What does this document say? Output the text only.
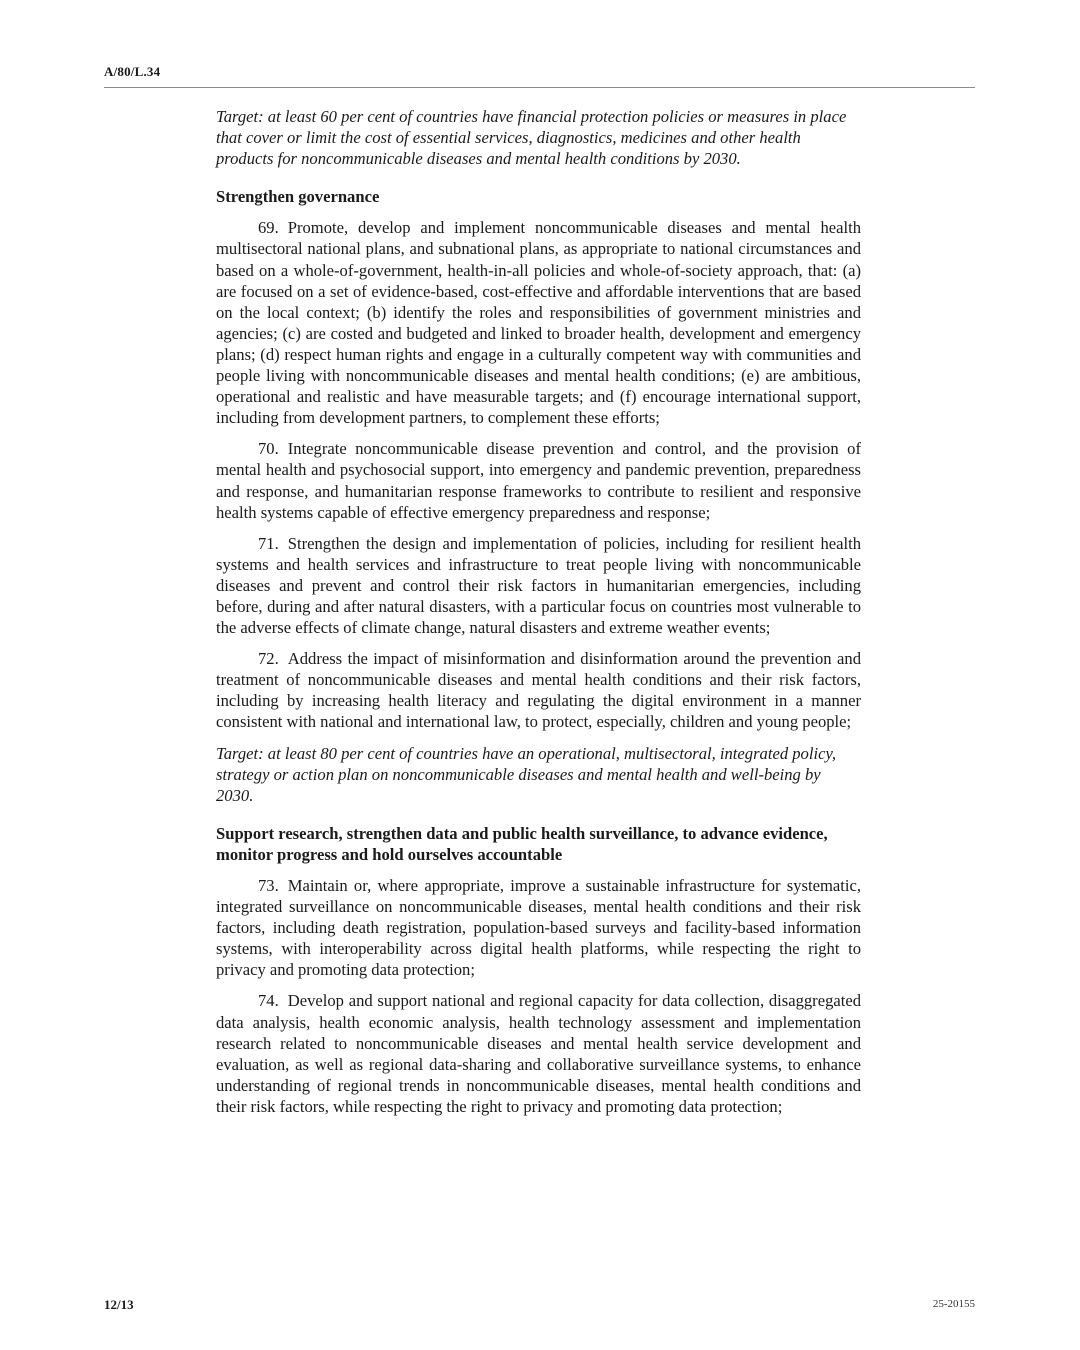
A/80/L.34

Target: at least 60 per cent of countries have financial protection policies or measures in place that cover or limit the cost of essential services, diagnostics, medicines and other health products for noncommunicable diseases and mental health conditions by 2030.

Strengthen governance

69. Promote, develop and implement noncommunicable diseases and mental health multisectoral national plans, and subnational plans, as appropriate to national circumstances and based on a whole-of-government, health-in-all policies and whole-of-society approach, that: (a) are focused on a set of evidence-based, cost-effective and affordable interventions that are based on the local context; (b) identify the roles and responsibilities of government ministries and agencies; (c) are costed and budgeted and linked to broader health, development and emergency plans; (d) respect human rights and engage in a culturally competent way with communities and people living with noncommunicable diseases and mental health conditions; (e) are ambitious, operational and realistic and have measurable targets; and (f) encourage international support, including from development partners, to complement these efforts;

70. Integrate noncommunicable disease prevention and control, and the provision of mental health and psychosocial support, into emergency and pandemic prevention, preparedness and response, and humanitarian response frameworks to contribute to resilient and responsive health systems capable of effective emergency preparedness and response;

71. Strengthen the design and implementation of policies, including for resilient health systems and health services and infrastructure to treat people living with noncommunicable diseases and prevent and control their risk factors in humanitarian emergencies, including before, during and after natural disasters, with a particular focus on countries most vulnerable to the adverse effects of climate change, natural disasters and extreme weather events;

72. Address the impact of misinformation and disinformation around the prevention and treatment of noncommunicable diseases and mental health conditions and their risk factors, including by increasing health literacy and regulating the digital environment in a manner consistent with national and international law, to protect, especially, children and young people;

Target: at least 80 per cent of countries have an operational, multisectoral, integrated policy, strategy or action plan on noncommunicable diseases and mental health and well-being by 2030.

Support research, strengthen data and public health surveillance, to advance evidence, monitor progress and hold ourselves accountable

73. Maintain or, where appropriate, improve a sustainable infrastructure for systematic, integrated surveillance on noncommunicable diseases, mental health conditions and their risk factors, including death registration, population-based surveys and facility-based information systems, with interoperability across digital health platforms, while respecting the right to privacy and promoting data protection;

74. Develop and support national and regional capacity for data collection, disaggregated data analysis, health economic analysis, health technology assessment and implementation research related to noncommunicable diseases and mental health service development and evaluation, as well as regional data-sharing and collaborative surveillance systems, to enhance understanding of regional trends in noncommunicable diseases, mental health conditions and their risk factors, while respecting the right to privacy and promoting data protection;

12/13	25-20155
